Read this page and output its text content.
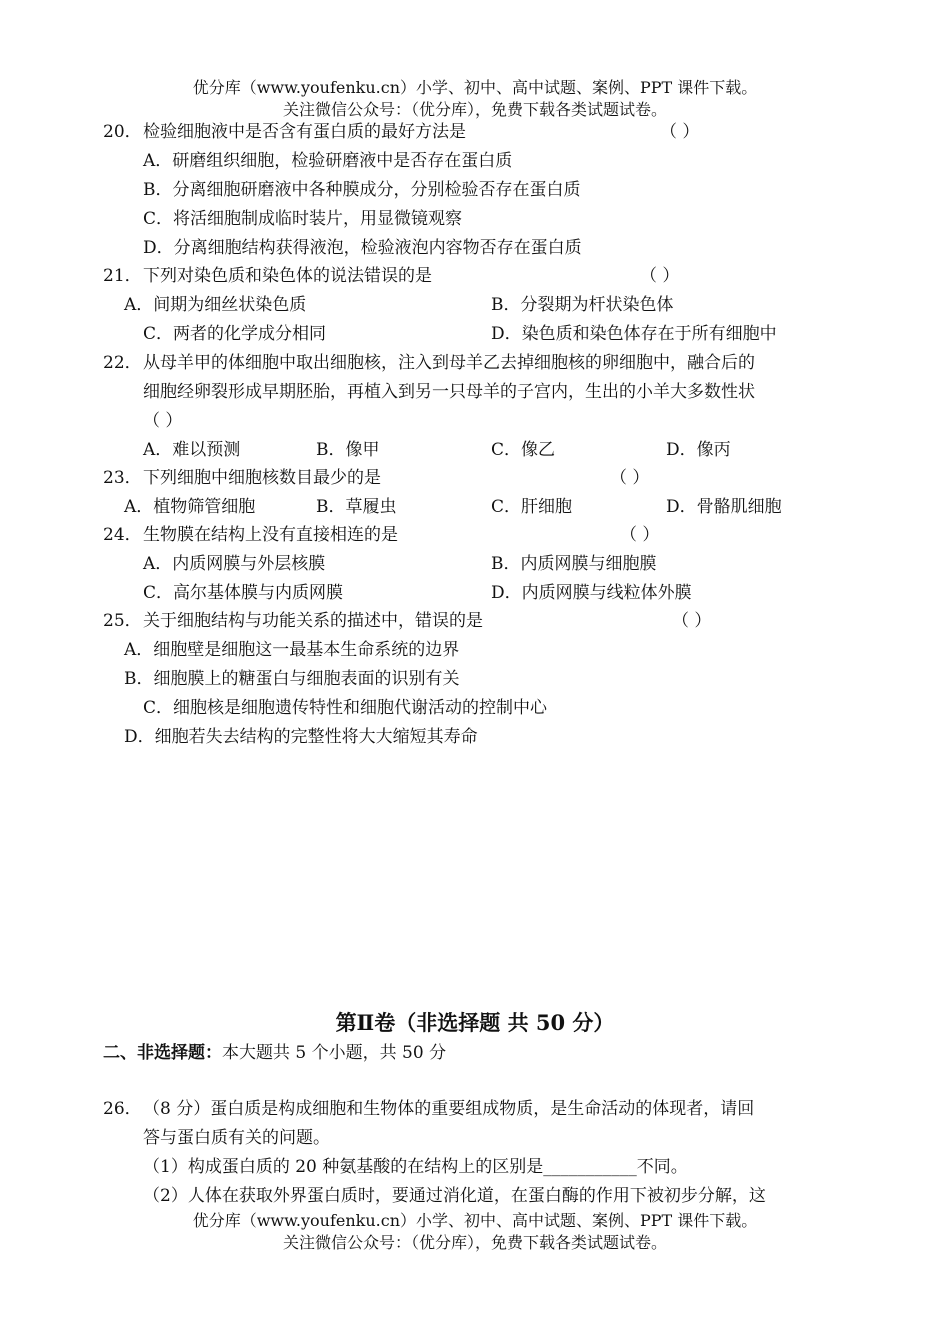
优分库（www.youfenku.cn）小学、初中、高中试题、案例、PPT 课件下载。
关注微信公众号：（优分库），免费下载各类试题试卷。
20．检验细胞液中是否含有蛋白质的最好方法是	（ ）
A．研磨组织细胞，检验研磨液中是否存在蛋白质
B．分离细胞研磨液中各种膜成分，分别检验否存在蛋白质
C．将活细胞制成临时装片，用显微镜观察
D．分离细胞结构获得液泡，检验液泡内容物否存在蛋白质
21．下列对染色质和染色体的说法错误的是	（ ）
A．间期为细丝状染色质	B．分裂期为杆状染色体
C．两者的化学成分相同	D．染色质和染色体存在于所有细胞中
22．从母羊甲的体细胞中取出细胞核，注入到母羊乙去掉细胞核的卵细胞中，融合后的
细胞经卵裂形成早期胚胎，再植入到另一只母羊的子宫内，生出的小羊大多数性状
（ ）
A．难以预测	B．像甲	C．像乙	D．像丙
23．下列细胞中细胞核数目最少的是	（ ）
A．植物筛管细胞	B．草履虫	C．肝细胞	D．骨骼肌细胞
24．生物膜在结构上没有直接相连的是	（ ）
A．内质网膜与外层核膜	B．内质网膜与细胞膜
C．高尔基体膜与内质网膜	D．内质网膜与线粒体外膜
25．关于细胞结构与功能关系的描述中，错误的是	（ ）
A．细胞壁是细胞这一最基本生命系统的边界
B．细胞膜上的糖蛋白与细胞表面的识别有关
C．细胞核是细胞遗传特性和细胞代谢活动的控制中心
D．细胞若失去结构的完整性将大大缩短其寿命
第Ⅱ卷（非选择题 共 50 分）
二、非选择题：本大题共 5 个小题，共 50 分
26．（8 分）蛋白质是构成细胞和生物体的重要组成物质，是生命活动的体现者，请回
答与蛋白质有关的问题。
（1）构成蛋白质的 20 种氨基酸的在结构上的区别是___________不同。
（2）人体在获取外界蛋白质时，要通过消化道，在蛋白酶的作用下被初步分解，这
优分库（www.youfenku.cn）小学、初中、高中试题、案例、PPT 课件下载。
关注微信公众号：（优分库），免费下载各类试题试卷。
